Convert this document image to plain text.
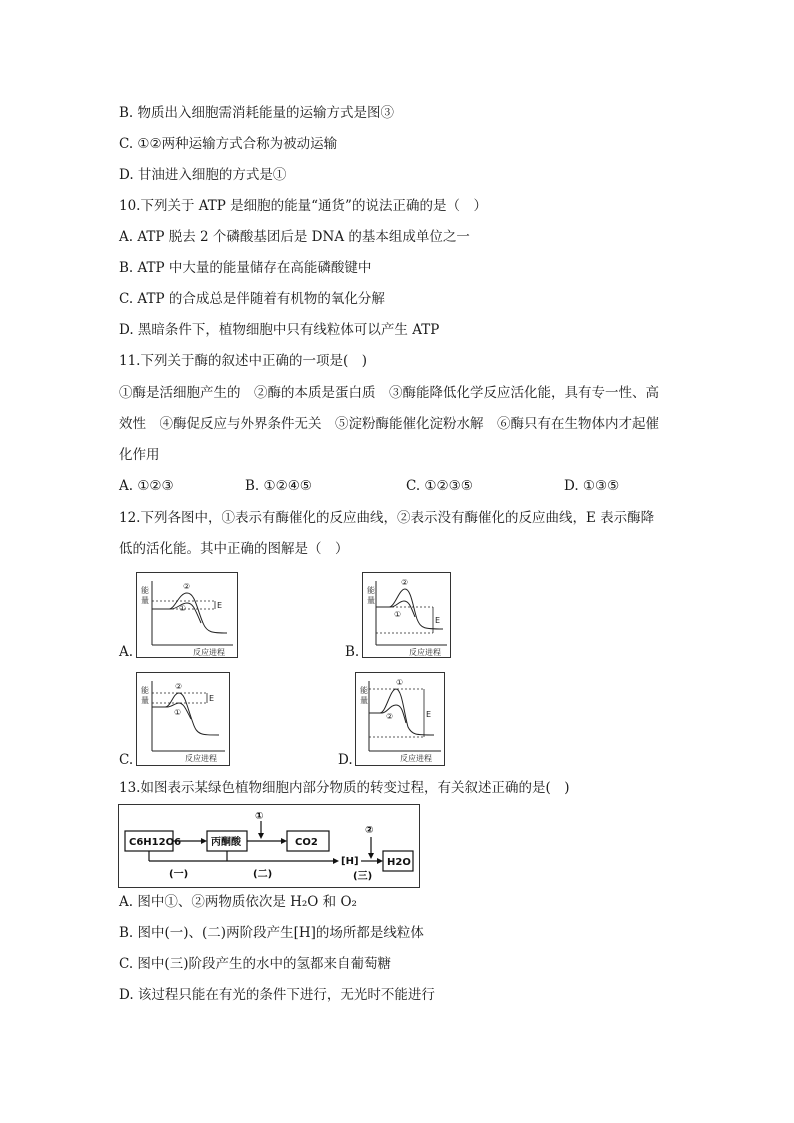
B. 物质出入细胞需消耗能量的运输方式是图③
C. ①②两种运输方式合称为被动运输
D. 甘油进入细胞的方式是①
10.下列关于 ATP 是细胞的能量“通货”的说法正确的是（　）
A. ATP 脱去 2 个磷酸基团后是 DNA 的基本组成单位之一
B. ATP 中大量的能量储存在高能磷酸键中
C. ATP 的合成总是伴随着有机物的氧化分解
D. 黑暗条件下，植物细胞中只有线粒体可以产生 ATP
11.下列关于酶的叙述中正确的一项是(　)
①酶是活细胞产生的　②酶的本质是蛋白质　③酶能降低化学反应活化能，具有专一性、高
效性　④酶促反应与外界条件无关　⑤淀粉酶能催化淀粉水解　⑥酶只有在生物体内才起催
化作用
A. ①②③	B. ①②④⑤	C. ①②③⑤	D. ①③⑤
12.下列各图中，①表示有酶催化的反应曲线，②表示没有酶催化的反应曲线，E 表示酶降
低的活化能。其中正确的图解是（　）
能
量
②
①	E
反应进程
A.
能
量
②
①
E
反应进程
B.
能
量
②
①
E
反应进程
C.
能
量
①
②	E
反应进程
D.
13.如图表示某绿色植物细胞内部分物质的转变过程，有关叙述正确的是(　)
C6H12O6	丙酮酸
①
CO2
[H]
②
H2O
(一)	(二)	(三)
A. 图中①、②两物质依次是 H₂O 和 O₂
B. 图中(一)、(二)两阶段产生[H]的场所都是线粒体
C. 图中(三)阶段产生的水中的氢都来自葡萄糖
D. 该过程只能在有光的条件下进行，无光时不能进行
